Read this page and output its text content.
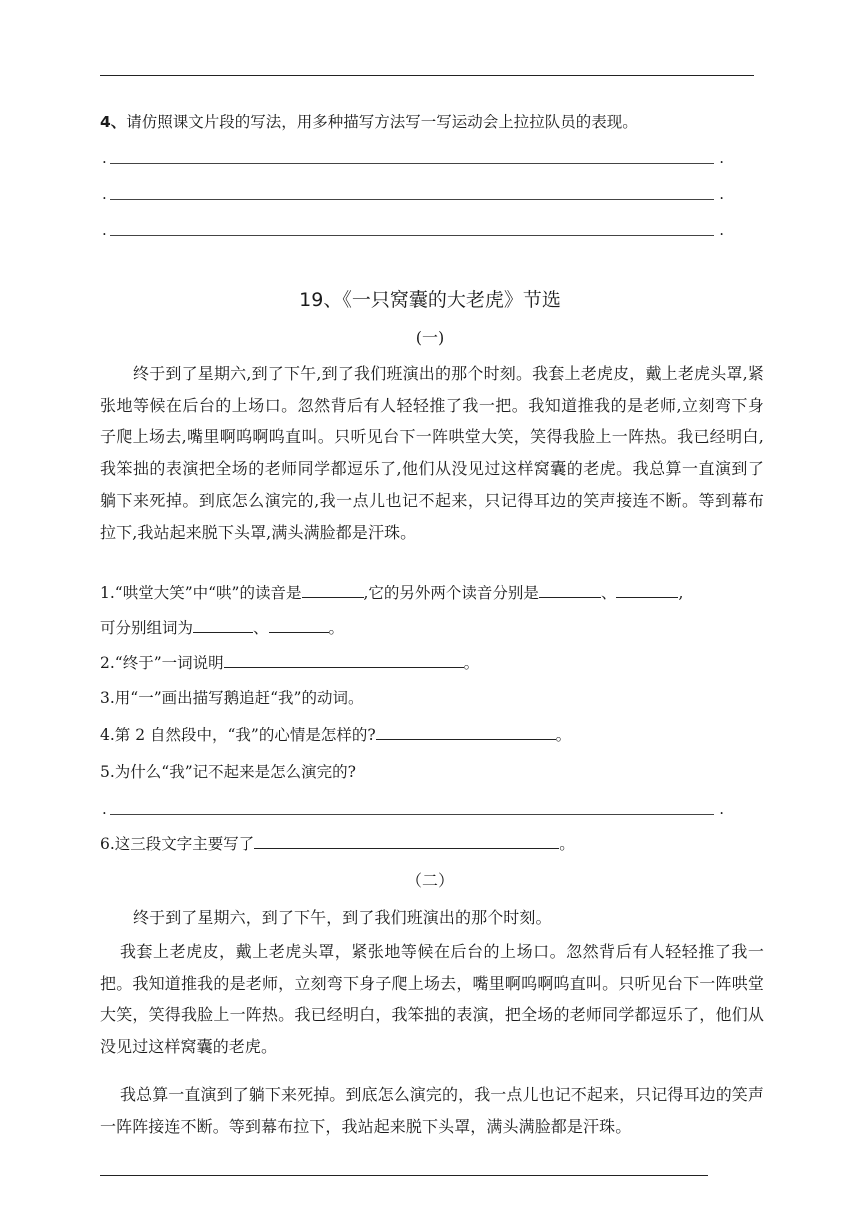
4、请仿照课文片段的写法，用多种描写方法写一写运动会上拉拉队员的表现。
.	.
.	.
.	.
19、《一只窝囊的大老虎》节选
(一)
终于到了星期六,到了下午,到了我们班演出的那个时刻。我套上老虎皮，戴上老虎头罩,紧张地等候在后台的上场口。忽然背后有人轻轻推了我一把。我知道推我的是老师,立刻弯下身子爬上场去,嘴里啊呜啊呜直叫。只听见台下一阵哄堂大笑，笑得我脸上一阵热。我已经明白,我笨拙的表演把全场的老师同学都逗乐了,他们从没见过这样窝囊的老虎。我总算一直演到了躺下来死掉。到底怎么演完的,我一点儿也记不起来，只记得耳边的笑声接连不断。等到幕布拉下,我站起来脱下头罩,满头满脸都是汗珠。
1.“哄堂大笑”中“哄”的读音是	,它的另外两个读音分别是	、	,
可分别组词为	、	。
2.“终于”一词说明	。
3.用“一”画出描写鹅追赶“我”的动词。
4.第 2 自然段中，“我”的心情是怎样的?	。
5.为什么“我”记不起来是怎么演完的?
.	.
6.这三段文字主要写了	。
（二）
终于到了星期六，到了下午，到了我们班演出的那个时刻。
我套上老虎皮，戴上老虎头罩，紧张地等候在后台的上场口。忽然背后有人轻轻推了我一把。我知道推我的是老师，立刻弯下身子爬上场去，嘴里啊呜啊呜直叫。只听见台下一阵哄堂大笑，笑得我脸上一阵热。我已经明白，我笨拙的表演，把全场的老师同学都逗乐了，他们从没见过这样窝囊的老虎。
我总算一直演到了躺下来死掉。到底怎么演完的，我一点儿也记不起来，只记得耳边的笑声一阵阵接连不断。等到幕布拉下，我站起来脱下头罩，满头满脸都是汗珠。
